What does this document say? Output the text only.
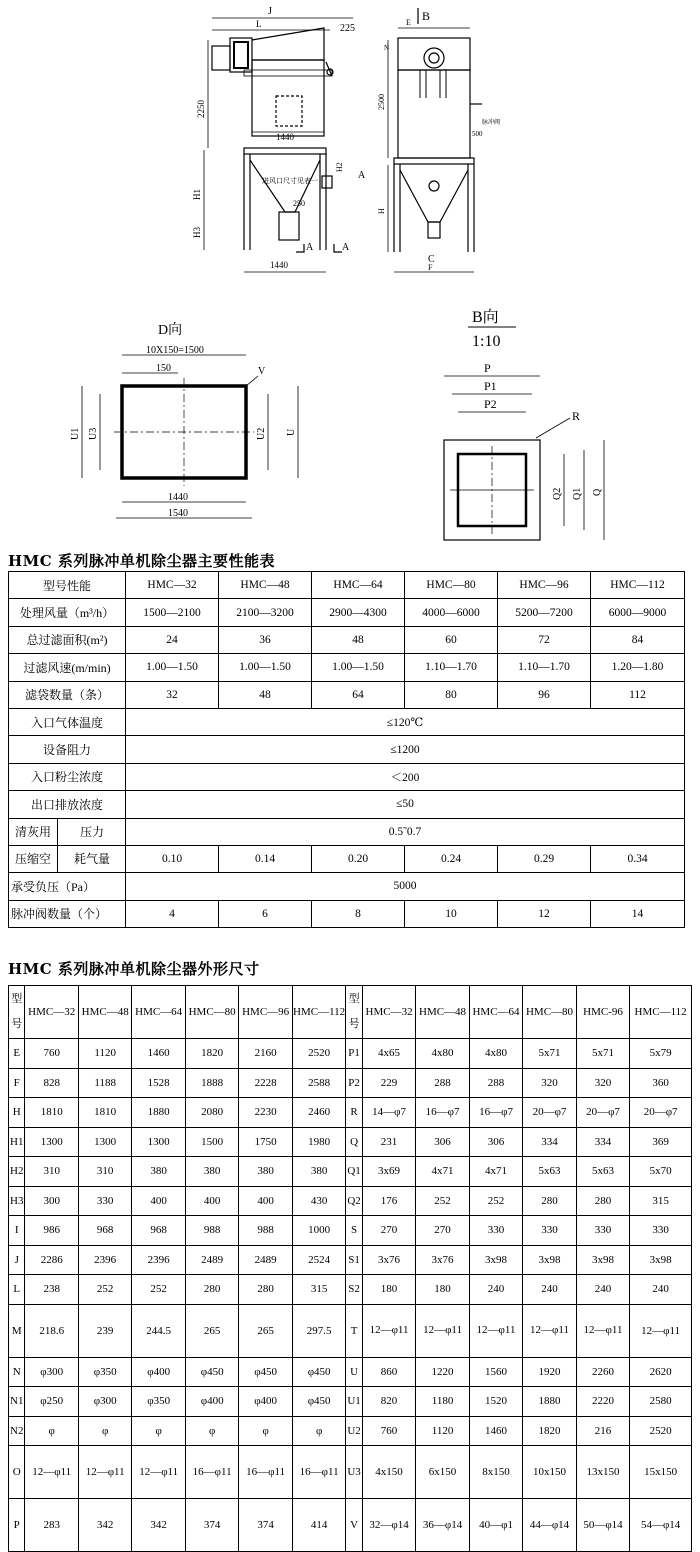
J
L	225
1440
2250
进风口尺寸见表一
250
H1
H3
H2
A	A
1440
B
E
N
脉冲阀
500
2500
A
H
C
F
D向
10X150=1500
150	V
U1 U3	U2 U
1440
1540
B向
1:10
P
P1
P2
R
Q2 Q1 Q
HMC 系列脉冲单机除尘器主要性能表
型号性能	HMC—32	HMC—48	HMC—64	HMC—80	HMC—96	HMC—112
处理风量（m³/h）	1500—2100	2100—3200	2900—4300	4000—6000	5200—7200	6000—9000
总过滤面积(m²)	24	36	48	60	72	84
过滤风速(m/min)	1.00—1.50	1.00—1.50	1.00—1.50	1.10—1.70	1.10—1.70	1.20—1.80
滤袋数量（条）	32	48	64	80	96	112
入口气体温度	≤120℃					
设备阻力	≤1200					
入口粉尘浓度	＜200					
出口排放浓度	≤50					

清灰用 压力	0.5˜0.7					

压缩空 耗气量	0.10	0.14	0.20	0.24	0.29	0.34
承受负压（Pa）	5000					
脉冲阀数量（个）	4	6	8	10	12	14
HMC 系列脉冲单机除尘器外形尺寸
型号	HMC—32	HMC—48	HMC—64	HMC—80	HMC—96	HMC—112	型号	HMC—32	HMC—48	HMC—64	HMC—80	HMC-96	HMC—112
E	760	1120	1460	1820	2160	2520	P1	4x65	4x80	4x80	5x71	5x71	5x79
F	828	1188	1528	1888	2228	2588	P2	229	288	288	320	320	360
H	1810	1810	1880	2080	2230	2460	R	14—φ7	16—φ7	16—φ7	20—φ7	20—φ7	20—φ7
H1	1300	1300	1300	1500	1750	1980	Q	231	306	306	334	334	369
H2	310	310	380	380	380	380	Q1	3x69	4x71	4x71	5x63	5x63	5x70
H3	300	330	400	400	400	430	Q2	176	252	252	280	280	315
I	986	968	968	988	988	1000	S	270	270	330	330	330	330
J	2286	2396	2396	2489	2489	2524	S1	3x76	3x76	3x98	3x98	3x98	3x98
L	238	252	252	280	280	315	S2	180	180	240	240	240	240
M	218.6	239	244.5	265	265	297.5	T	12—φ11	12—φ11	12—φ11	12—φ11	12—φ11	12—φ11
N	φ300	φ350	φ400	φ450	φ450	φ450	U	860	1220	1560	1920	2260	2620
N1	φ250	φ300	φ350	φ400	φ400	φ450	U1	820	1180	1520	1880	2220	2580
N2	φ	φ	φ	φ	φ	φ	U2	760	1120	1460	1820	216	2520
O	12—φ11	12—φ11	12—φ11	16—φ11	16—φ11	16—φ11	U3	4x150	6x150	8x150	10x150	13x150	15x150
P	283	342	342	374	374	414	V	32—φ14	36—φ14	40—φ1	44—φ14	50—φ14	54—φ14
